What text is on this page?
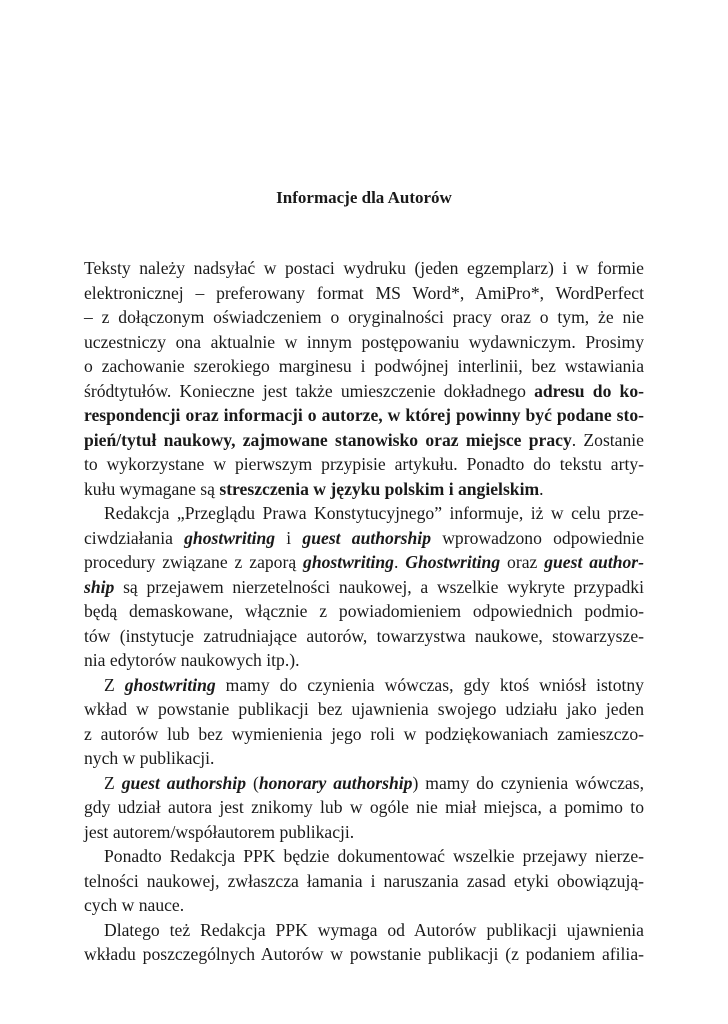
Informacje dla Autorów
Teksty należy nadsyłać w postaci wydruku (jeden egzemplarz) i w formie
elektronicznej – preferowany format MS Word*, AmiPro*, WordPerfect
– z dołączonym oświadczeniem o oryginalności pracy oraz o tym, że nie
uczestniczy ona aktualnie w innym postępowaniu wydawniczym. Prosimy
o zachowanie szerokiego marginesu i podwójnej interlinii, bez wstawiania
śródtytułów. Konieczne jest także umieszczenie dokładnego adresu do ko-
respondencji oraz informacji o autorze, w której powinny być podane sto-
pień/tytuł naukowy, zajmowane stanowisko oraz miejsce pracy. Zostanie
to wykorzystane w pierwszym przypisie artykułu. Ponadto do tekstu arty-
kułu wymagane są streszczenia w języku polskim i angielskim.
Redakcja „Przeglądu Prawa Konstytucyjnego” informuje, iż w celu prze-
ciwdziałania ghostwriting i guest authorship wprowadzono odpowiednie
procedury związane z zaporą ghostwriting. Ghostwriting oraz guest author-
ship są przejawem nierzetelności naukowej, a wszelkie wykryte przypadki
będą demaskowane, włącznie z powiadomieniem odpowiednich podmio-
tów (instytucje zatrudniające autorów, towarzystwa naukowe, stowarzysze-
nia edytorów naukowych itp.).
Z ghostwriting mamy do czynienia wówczas, gdy ktoś wniósł istotny
wkład w powstanie publikacji bez ujawnienia swojego udziału jako jeden
z autorów lub bez wymienienia jego roli w podziękowaniach zamieszczo-
nych w publikacji.
Z guest authorship (honorary authorship) mamy do czynienia wówczas,
gdy udział autora jest znikomy lub w ogóle nie miał miejsca, a pomimo to
jest autorem/współautorem publikacji.
Ponadto Redakcja PPK będzie dokumentować wszelkie przejawy nierze-
telności naukowej, zwłaszcza łamania i naruszania zasad etyki obowiązują-
cych w nauce.
Dlatego też Redakcja PPK wymaga od Autorów publikacji ujawnienia
wkładu poszczególnych Autorów w powstanie publikacji (z podaniem afilia-
